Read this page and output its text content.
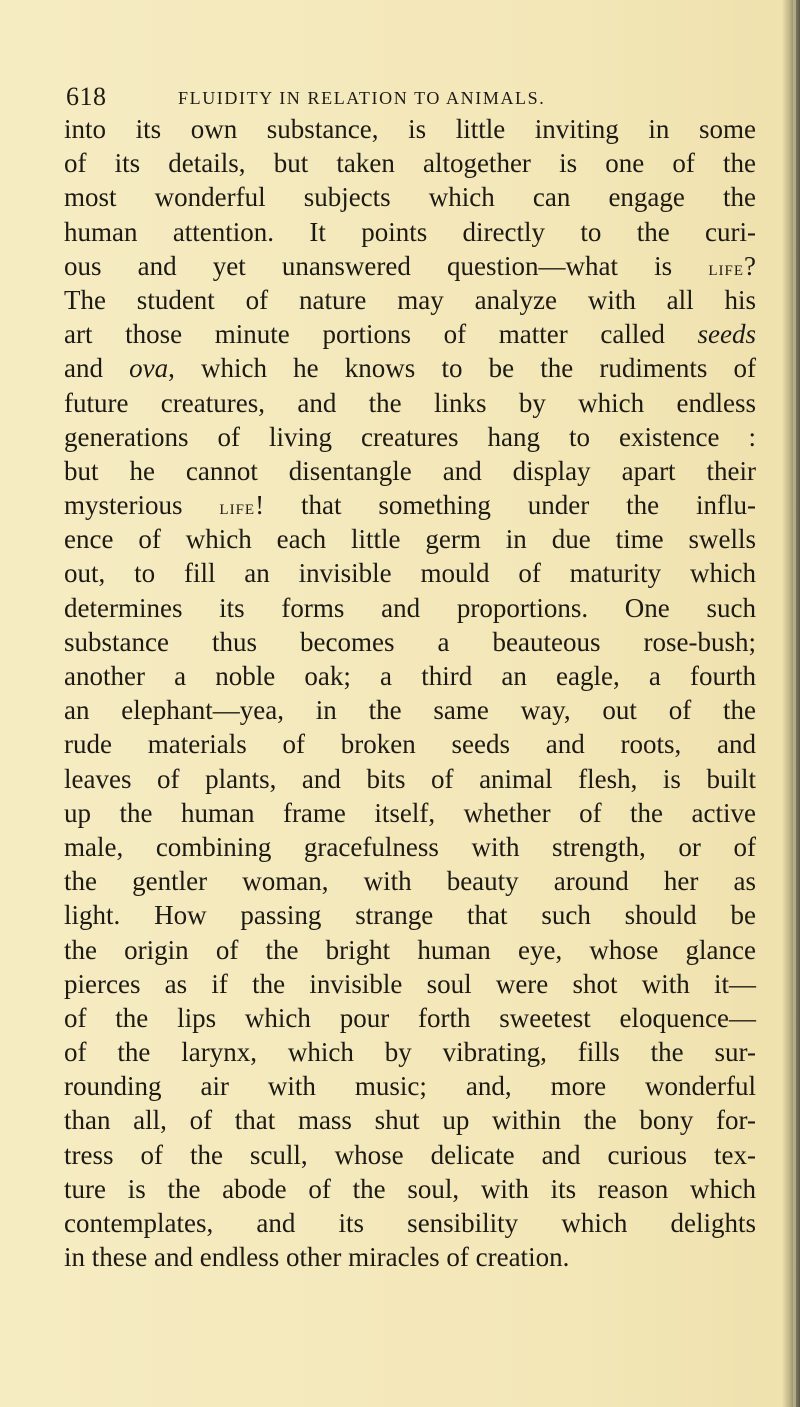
618	FLUIDITY IN RELATION TO ANIMALS.
into its own substance, is little inviting in some
of its details, but taken altogether is one of the
most wonderful subjects which can engage the
human attention. It points directly to the curi-
ous and yet unanswered question—what is life?
The student of nature may analyze with all his
art those minute portions of matter called seeds
and ova, which he knows to be the rudiments of
future creatures, and the links by which endless
generations of living creatures hang to existence :
but he cannot disentangle and display apart their
mysterious life! that something under the influ-
ence of which each little germ in due time swells
out, to fill an invisible mould of maturity which
determines its forms and proportions. One such
substance thus becomes a beauteous rose-bush;
another a noble oak; a third an eagle, a fourth
an elephant—yea, in the same way, out of the
rude materials of broken seeds and roots, and
leaves of plants, and bits of animal flesh, is built
up the human frame itself, whether of the active
male, combining gracefulness with strength, or of
the gentler woman, with beauty around her as
light. How passing strange that such should be
the origin of the bright human eye, whose glance
pierces as if the invisible soul were shot with it—
of the lips which pour forth sweetest eloquence—
of the larynx, which by vibrating, fills the sur-
rounding air with music; and, more wonderful
than all, of that mass shut up within the bony for-
tress of the scull, whose delicate and curious tex-
ture is the abode of the soul, with its reason which
contemplates, and its sensibility which delights
in these and endless other miracles of creation.
